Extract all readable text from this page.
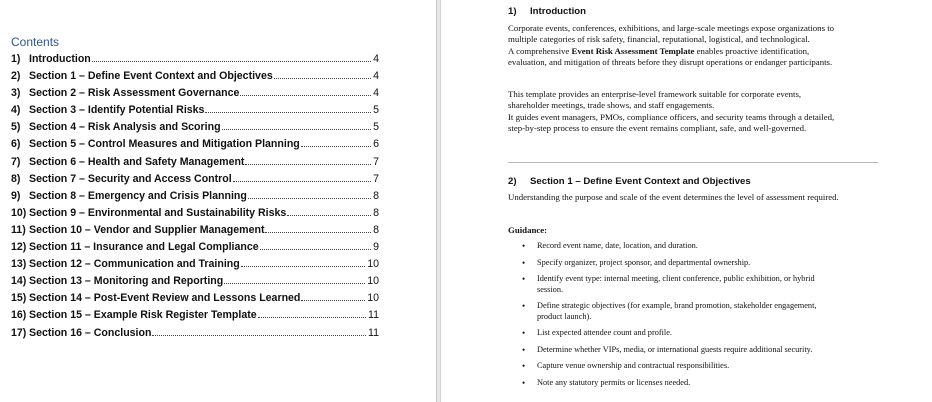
Contents
1) Introduction	4
2) Section 1 – Define Event Context and Objectives	4
3) Section 2 – Risk Assessment Governance	4
4) Section 3 – Identify Potential Risks	5
5) Section 4 – Risk Analysis and Scoring	5
6) Section 5 – Control Measures and Mitigation Planning	6
7) Section 6 – Health and Safety Management	7
8) Section 7 – Security and Access Control	7
9) Section 8 – Emergency and Crisis Planning	8
10) Section 9 – Environmental and Sustainability Risks	8
11) Section 10 – Vendor and Supplier Management	8
12) Section 11 – Insurance and Legal Compliance	9
13) Section 12 – Communication and Training	10
14) Section 13 – Monitoring and Reporting	10
15) Section 14 – Post-Event Review and Lessons Learned	10
16) Section 15 – Example Risk Register Template	11
17) Section 16 – Conclusion	11
1) Introduction
Corporate events, conferences, exhibitions, and large-scale meetings expose organizations to
multiple categories of risk safety, financial, reputational, logistical, and technological.
A comprehensive Event Risk Assessment Template enables proactive identification,
evaluation, and mitigation of threats before they disrupt operations or endanger participants.
This template provides an enterprise-level framework suitable for corporate events,
shareholder meetings, trade shows, and staff engagements.
It guides event managers, PMOs, compliance officers, and security teams through a detailed,
step-by-step process to ensure the event remains compliant, safe, and well-governed.
2) Section 1 – Define Event Context and Objectives
Understanding the purpose and scale of the event determines the level of assessment required.
Guidance:
• Record event name, date, location, and duration.
• Specify organizer, project sponsor, and departmental ownership.
• Identify event type: internal meeting, client conference, public exhibition, or hybrid
session.
• Define strategic objectives (for example, brand promotion, stakeholder engagement,
product launch).
• List expected attendee count and profile.
• Determine whether VIPs, media, or international guests require additional security.
• Capture venue ownership and contractual responsibilities.
• Note any statutory permits or licenses needed.
